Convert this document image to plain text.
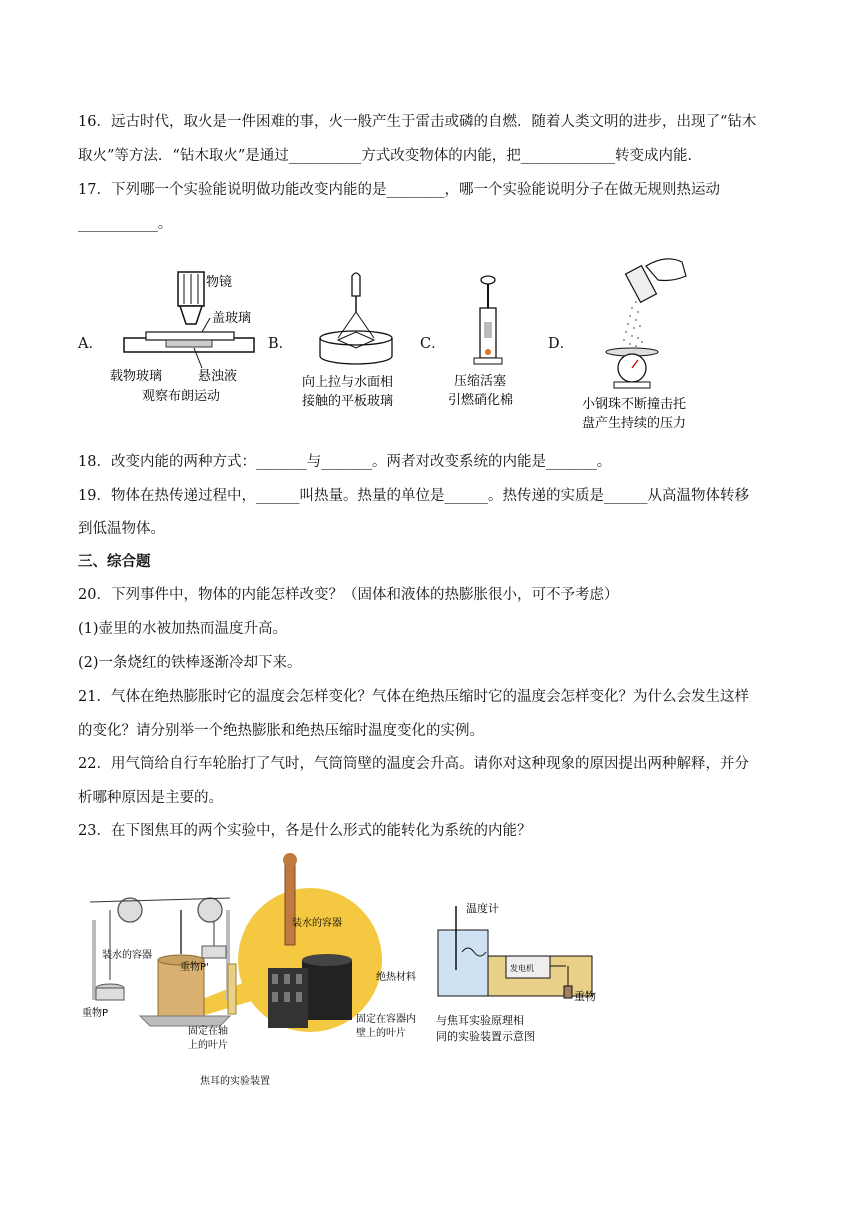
16．远古时代，取火是一件困难的事，火一般产生于雷击或磷的自燃．随着人类文明的进步，出现了“钻木
取火”等方法．“钻木取火”是通过__________方式改变物体的内能，把_____________转变成内能．
17．下列哪一个实验能说明做功能改变内能的是________，哪一个实验能说明分子在做无规则热运动
___________。
A．
物镜
盖玻璃
载物玻璃	悬浊液
观察布朗运动
B．
向上拉与水面相
接触的平板玻璃
C．
压缩活塞
引燃硝化棉
D．
小钢珠不断撞击托
盘产生持续的压力
18．改变内能的两种方式：_______与_______。两者对改变系统的内能是_______。
19．物体在热传递过程中，______叫热量。热量的单位是______。热传递的实质是______从高温物体转移
到低温物体。
三、综合题
20．下列事件中，物体的内能怎样改变？（固体和液体的热膨胀很小，可不予考虑）
(1)壶里的水被加热而温度升高。
(2)一条烧红的铁棒逐渐冷却下来。
21．气体在绝热膨胀时它的温度会怎样变化？气体在绝热压缩时它的温度会怎样变化？为什么会发生这样
的变化？请分别举一个绝热膨胀和绝热压缩时温度变化的实例。
22．用气筒给自行车轮胎打了气时，气筒筒壁的温度会升高。请你对这种现象的原因提出两种解释，并分
析哪种原因是主要的。
23．在下图焦耳的两个实验中，各是什么形式的能转化为系统的内能？
装水的容器
重物P'
重物P
装水的容器
绝热材料
固定在轴
上的叶片
固定在容器内
壁上的叶片
焦耳的实验装置
发电机
温度计
重物
与焦耳实验原理相
同的实验装置示意图
